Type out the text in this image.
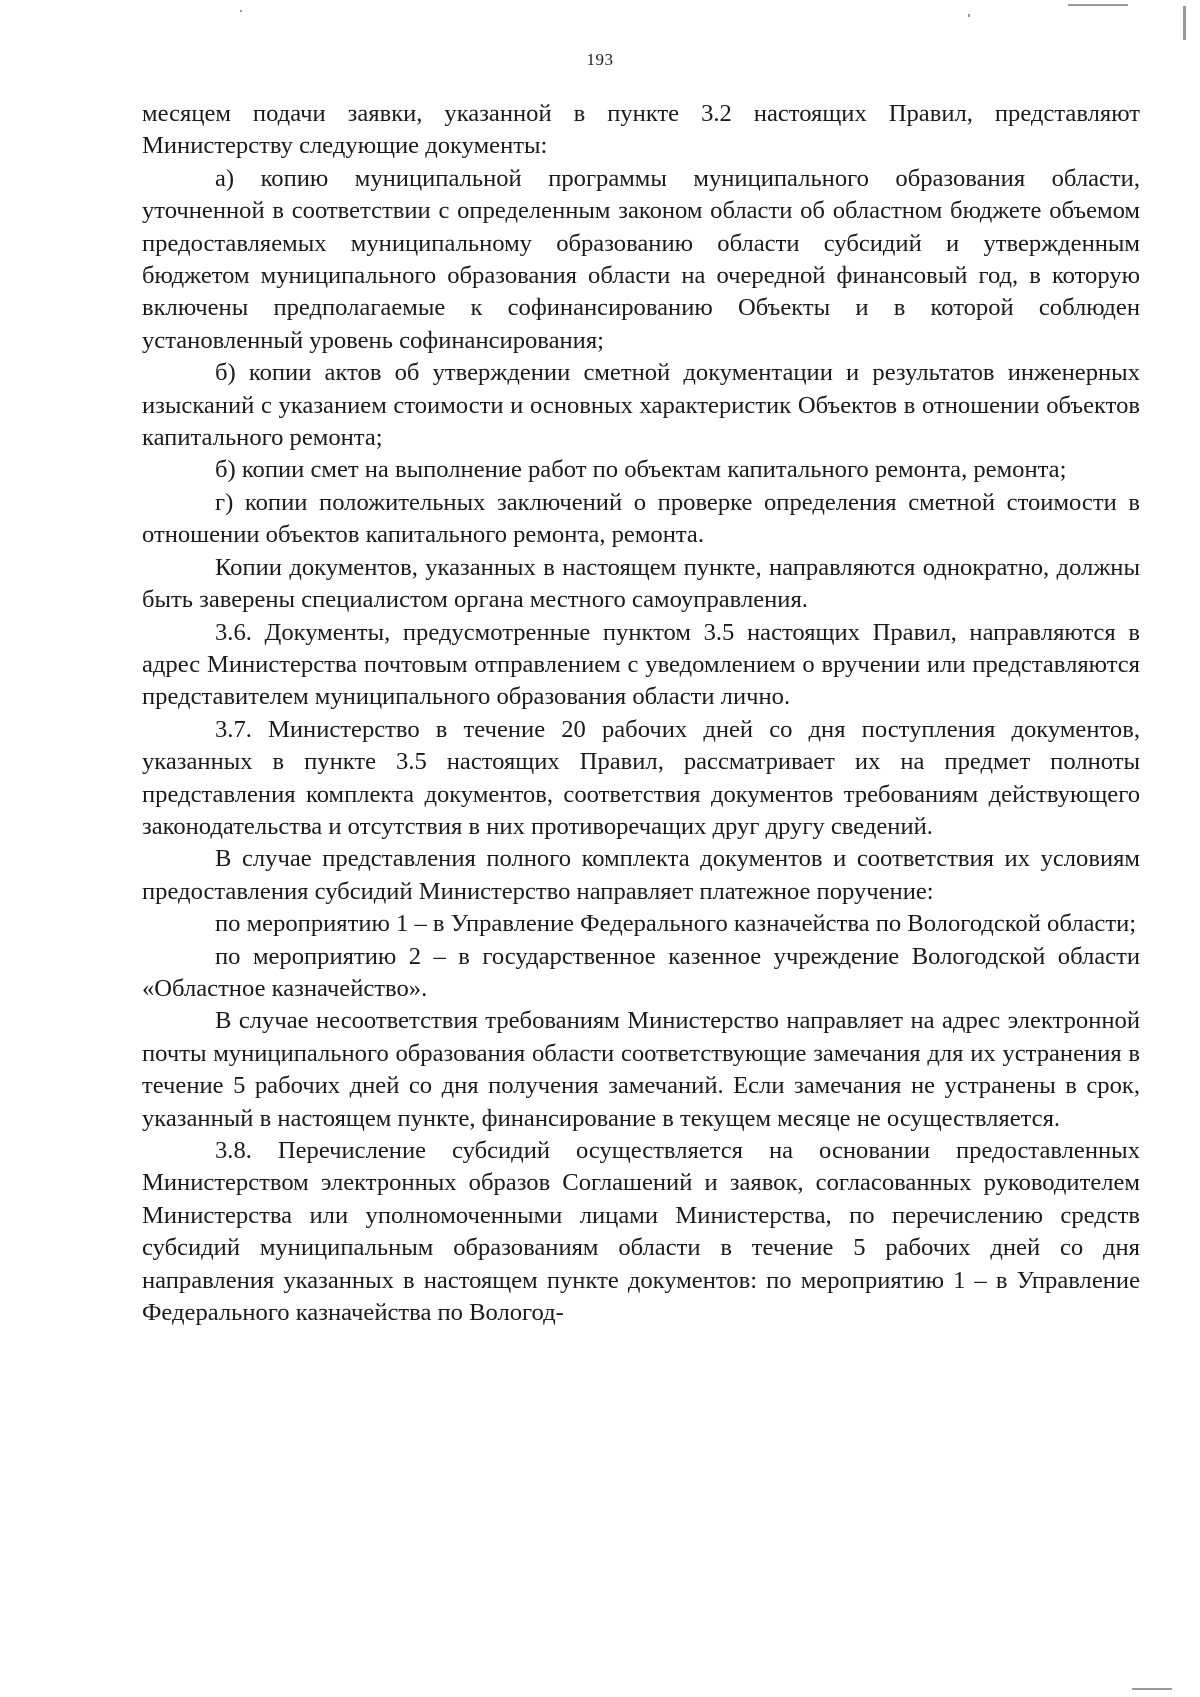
193

месяцем подачи заявки, указанной в пункте 3.2 настоящих Правил, представляют Министерству следующие документы:

а) копию муниципальной программы муниципального образования области, уточненной в соответствии с определенным законом области об областном бюджете объемом предоставляемых муниципальному образованию области субсидий и утвержденным бюджетом муниципального образования области на очередной финансовый год, в которую включены предполагаемые к софинансированию Объекты и в которой соблюден установленный уровень софинансирования;

б) копии актов об утверждении сметной документации и результатов инженерных изысканий с указанием стоимости и основных характеристик Объектов в отношении объектов капитального ремонта;

б) копии смет на выполнение работ по объектам капитального ремонта, ремонта;

г) копии положительных заключений о проверке определения сметной стоимости в отношении объектов капитального ремонта, ремонта.

Копии документов, указанных в настоящем пункте, направляются однократно, должны быть заверены специалистом органа местного самоуправления.

3.6. Документы, предусмотренные пунктом 3.5 настоящих Правил, направляются в адрес Министерства почтовым отправлением с уведомлением о вручении или представляются представителем муниципального образования области лично.

3.7. Министерство в течение 20 рабочих дней со дня поступления документов, указанных в пункте 3.5 настоящих Правил, рассматривает их на предмет полноты представления комплекта документов, соответствия документов требованиям действующего законодательства и отсутствия в них противоречащих друг другу сведений.

В случае представления полного комплекта документов и соответствия их условиям предоставления субсидий Министерство направляет платежное поручение:

по мероприятию 1 – в Управление Федерального казначейства по Вологодской области;

по мероприятию 2 – в государственное казенное учреждение Вологодской области «Областное казначейство».

В случае несоответствия требованиям Министерство направляет на адрес электронной почты муниципального образования области соответствующие замечания для их устранения в течение 5 рабочих дней со дня получения замечаний. Если замечания не устранены в срок, указанный в настоящем пункте, финансирование в текущем месяце не осуществляется.

3.8. Перечисление субсидий осуществляется на основании предоставленных Министерством электронных образов Соглашений и заявок, согласованных руководителем Министерства или уполномоченными лицами Министерства, по перечислению средств субсидий муниципальным образованиям области в течение 5 рабочих дней со дня направления указанных в настоящем пункте документов: по мероприятию 1 – в Управление Федерального казначейства по Вологод-
